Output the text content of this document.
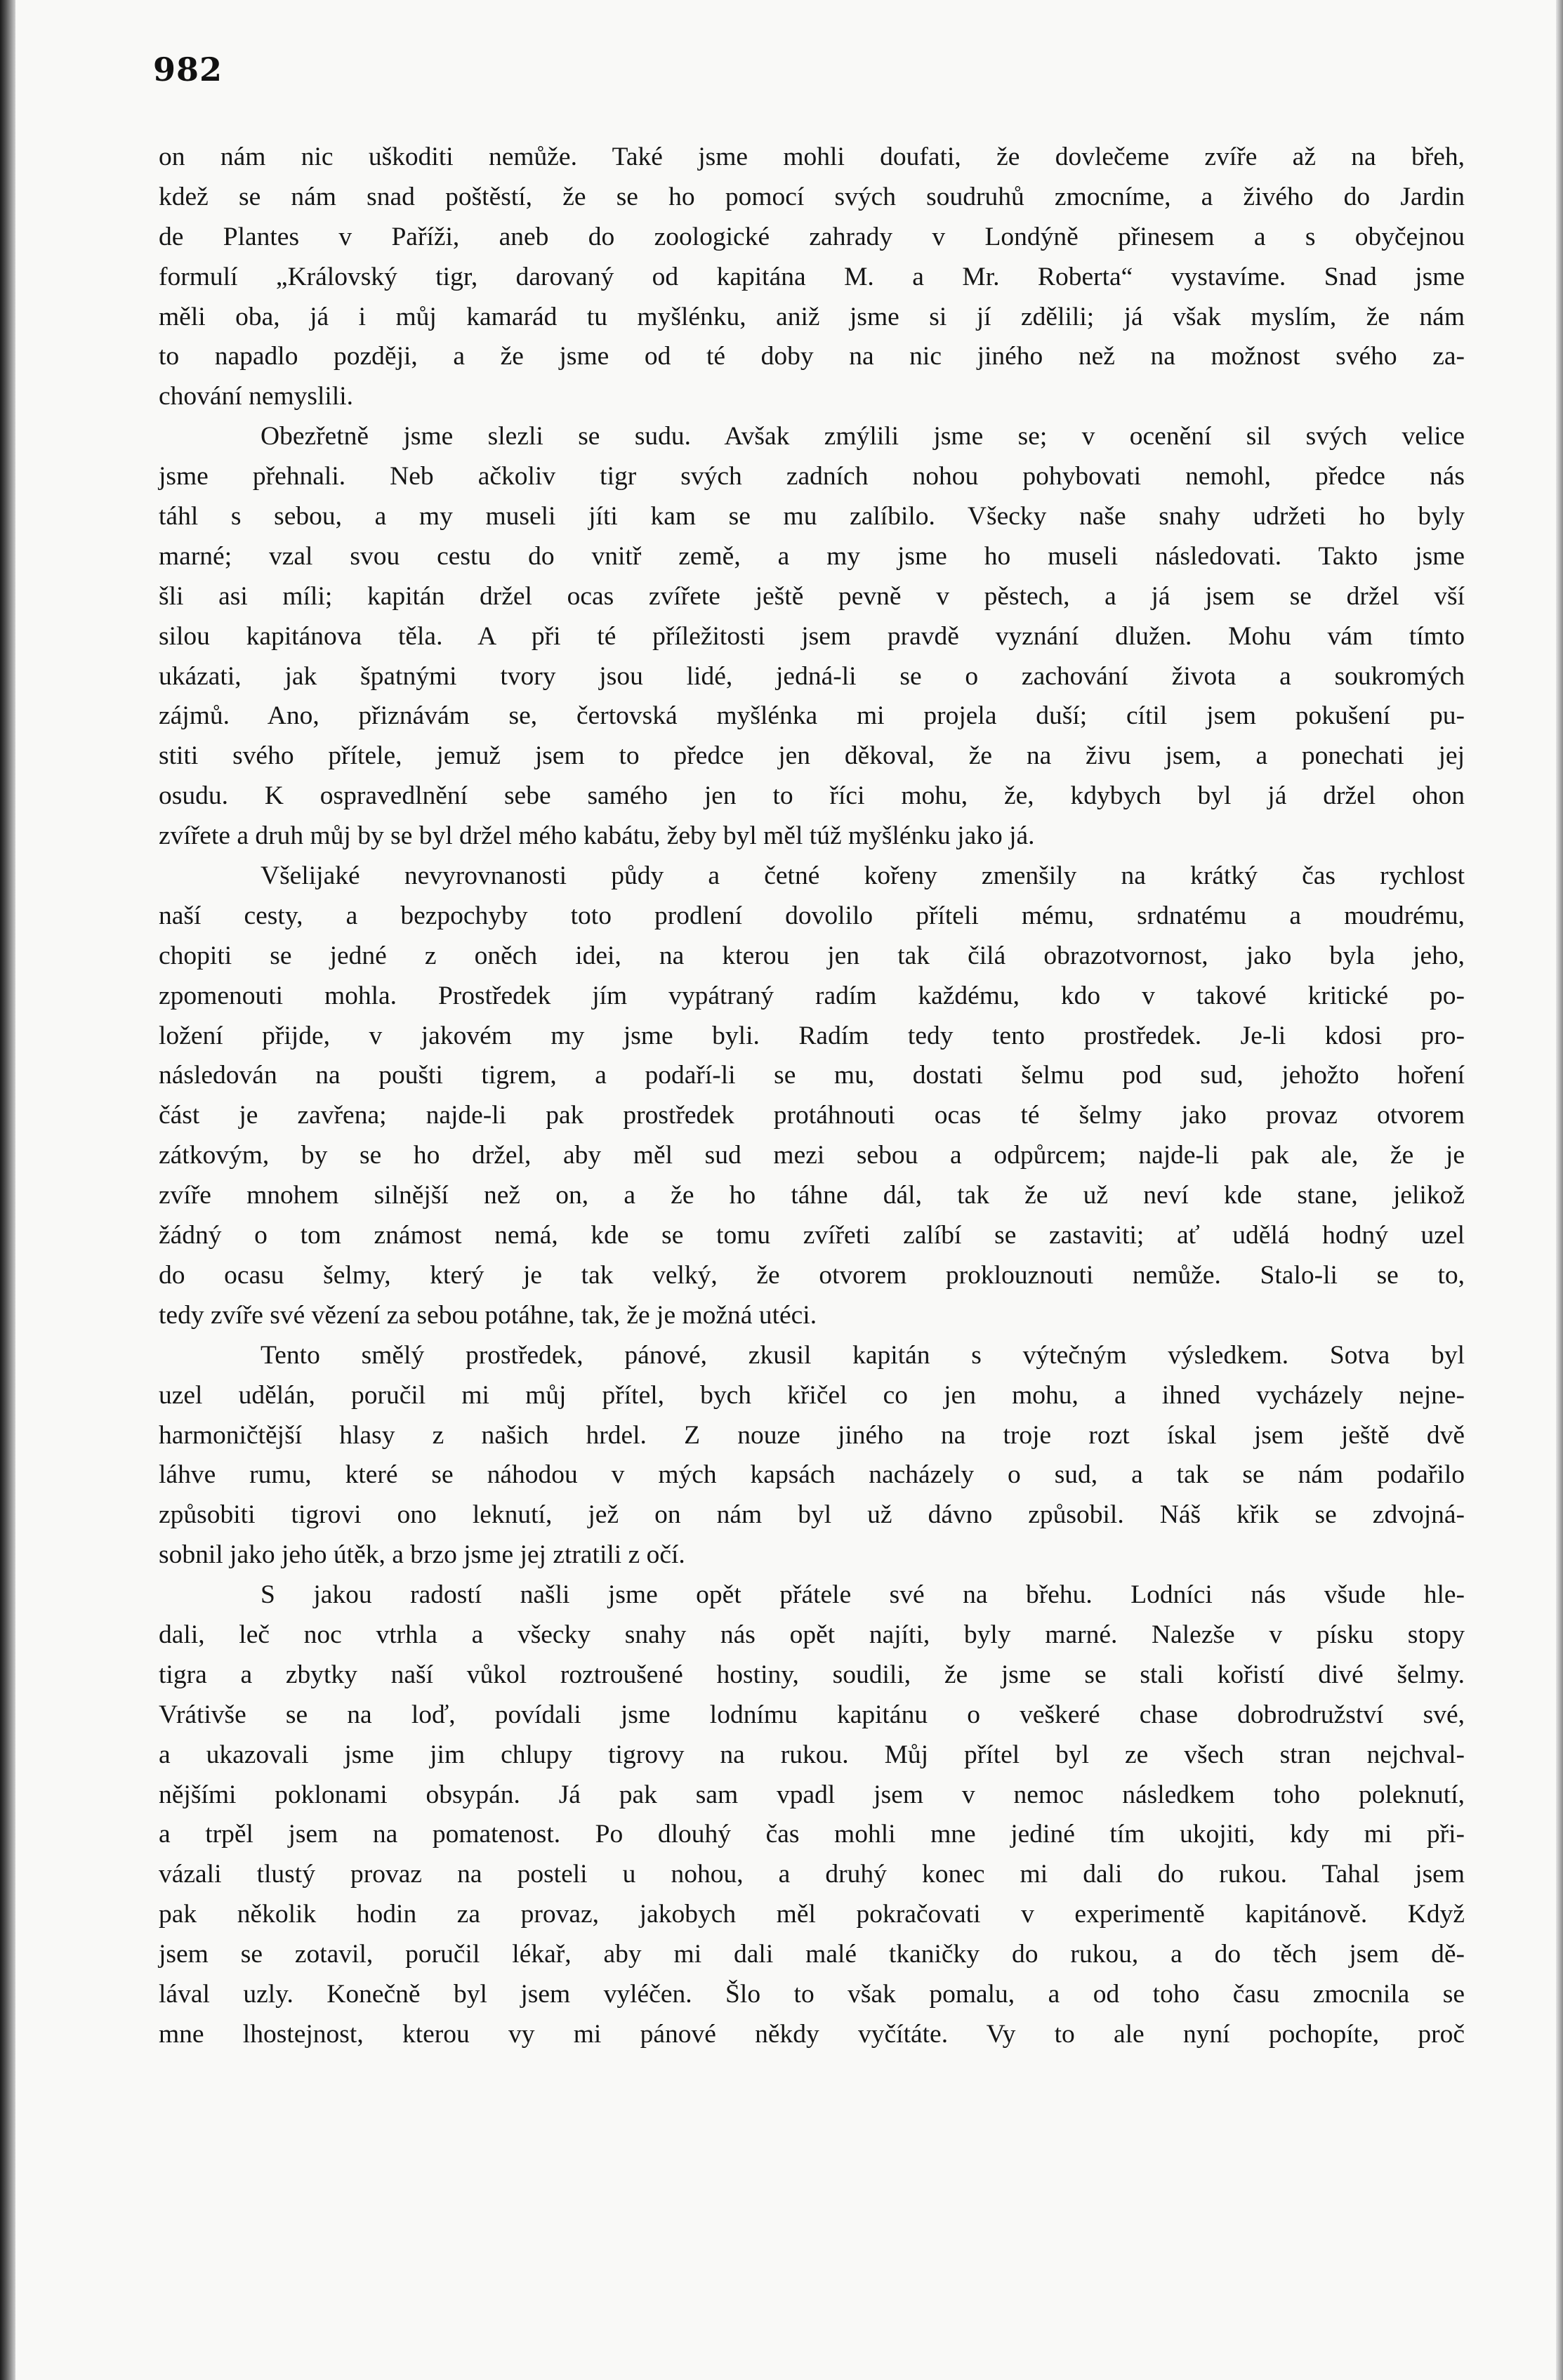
982
on nám nic uškoditi nemůže. Také jsme mohli doufati, že dovlečeme zvíře až na břeh,
kdež se nám snad poštěstí, že se ho pomocí svých soudruhů zmocníme, a živého do Jardin
de Plantes v Paříži, aneb do zoologické zahrady v Londýně přinesem a s obyčejnou
formulí „Královský tigr, darovaný od kapitána M. a Mr. Roberta“ vystavíme. Snad jsme
měli oba, já i můj kamarád tu myšlénku, aniž jsme si jí zdělili; já však myslím, že nám
to napadlo později, a že jsme od té doby na nic jiného než na možnost svého za-
chování nemyslili.
Obezřetně jsme slezli se sudu. Avšak zmýlili jsme se; v ocenění sil svých velice
jsme přehnali. Neb ačkoliv tigr svých zadních nohou pohybovati nemohl, předce nás
táhl s sebou, a my museli jíti kam se mu zalíbilo. Všecky naše snahy udržeti ho byly
marné; vzal svou cestu do vnitř země, a my jsme ho museli následovati. Takto jsme
šli asi míli; kapitán držel ocas zvířete ještě pevně v pěstech, a já jsem se držel vší
silou kapitánova těla. A při té příležitosti jsem pravdě vyznání dlužen. Mohu vám tímto
ukázati, jak špatnými tvory jsou lidé, jedná-li se o zachování života a soukromých
zájmů. Ano, přiznávám se, čertovská myšlénka mi projela duší; cítil jsem pokušení pu-
stiti svého přítele, jemuž jsem to předce jen děkoval, že na živu jsem, a ponechati jej
osudu. K ospravedlnění sebe samého jen to říci mohu, že, kdybych byl já držel ohon
zvířete a druh můj by se byl držel mého kabátu, žeby byl měl túž myšlénku jako já.
Všelijaké nevyrovnanosti půdy a četné kořeny zmenšily na krátký čas rychlost
naší cesty, a bezpochyby toto prodlení dovolilo příteli mému, srdnatému a moudrému,
chopiti se jedné z oněch idei, na kterou jen tak čilá obrazotvornost, jako byla jeho,
zpomenouti mohla. Prostředek jím vypátraný radím každému, kdo v takové kritické po-
ložení přijde, v jakovém my jsme byli. Radím tedy tento prostředek. Je-li kdosi pro-
následován na poušti tigrem, a podaří-li se mu, dostati šelmu pod sud, jehožto hoření
část je zavřena; najde-li pak prostředek protáhnouti ocas té šelmy jako provaz otvorem
zátkovým, by se ho držel, aby měl sud mezi sebou a odpůrcem; najde-li pak ale, že je
zvíře mnohem silnější než on, a že ho táhne dál, tak že už neví kde stane, jelikož
žádný o tom známost nemá, kde se tomu zvířeti zalíbí se zastaviti; ať udělá hodný uzel
do ocasu šelmy, který je tak velký, že otvorem proklouznouti nemůže. Stalo-li se to,
tedy zvíře své vězení za sebou potáhne, tak, že je možná utéci.
Tento smělý prostředek, pánové, zkusil kapitán s výtečným výsledkem. Sotva byl
uzel udělán, poručil mi můj přítel, bych křičel co jen mohu, a ihned vycházely nejne-
harmoničtější hlasy z našich hrdel. Z nouze jiného na troje rozt ískal jsem ještě dvě
láhve rumu, které se náhodou v mých kapsách nacházely o sud, a tak se nám podařilo
způsobiti tigrovi ono leknutí, jež on nám byl už dávno způsobil. Náš křik se zdvojná-
sobnil jako jeho útěk, a brzo jsme jej ztratili z očí.
S jakou radostí našli jsme opět přátele své na břehu. Lodníci nás všude hle-
dali, leč noc vtrhla a všecky snahy nás opět najíti, byly marné. Nalezše v písku stopy
tigra a zbytky naší vůkol roztroušené hostiny, soudili, že jsme se stali kořistí divé šelmy.
Vrátivše se na loď, povídali jsme lodnímu kapitánu o veškeré chase dobrodružství své,
a ukazovali jsme jim chlupy tigrovy na rukou. Můj přítel byl ze všech stran nejchval-
nějšími poklonami obsypán. Já pak sam vpadl jsem v nemoc následkem toho poleknutí,
a trpěl jsem na pomatenost. Po dlouhý čas mohli mne jediné tím ukojiti, kdy mi při-
vázali tlustý provaz na posteli u nohou, a druhý konec mi dali do rukou. Tahal jsem
pak několik hodin za provaz, jakobych měl pokračovati v experimentě kapitánově. Když
jsem se zotavil, poručil lékař, aby mi dali malé tkaničky do rukou, a do těch jsem dě-
lával uzly. Konečně byl jsem vyléčen. Šlo to však pomalu, a od toho času zmocnila se
mne lhostejnost, kterou vy mi pánové někdy vyčítáte. Vy to ale nyní pochopíte, proč
